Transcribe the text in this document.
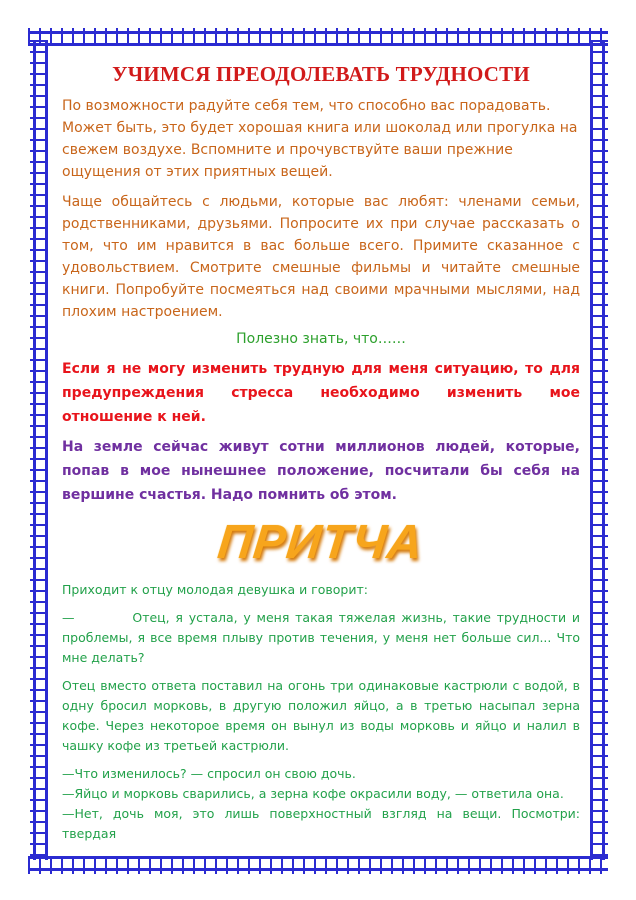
УЧИМСЯ ПРЕОДОЛЕВАТЬ ТРУДНОСТИ

По возможности радуйте себя тем, что способно вас порадовать. Может быть, это будет хорошая книга или шоколад или прогулка на свежем воздухе. Вспомните и прочувствуйте ваши прежние ощущения от этих приятных вещей.

Чаще общайтесь с людьми, которые вас любят: членами семьи, родственниками, друзьями. Попросите их при случае рассказать о том, что им нравится в вас больше всего. Примите сказанное с удовольствием. Смотрите смешные фильмы и читайте смешные книги. Попробуйте посмеяться над своими мрачными мыслями, над плохим настроением.

Полезно знать, что……

Если я не могу изменить трудную для меня ситуацию, то для предупреждения стресса необходимо изменить мое отношение к ней.

На земле сейчас живут сотни миллионов людей, которые, попав в мое нынешнее положение, посчитали бы себя на вершине счастья. Надо помнить об этом.

ПРИТЧА

Приходит к отцу молодая девушка и говорит:

—          Отец, я устала, у меня такая тяжелая жизнь, такие трудности и проблемы, я все время плыву против течения, у меня нет больше сил... Что мне делать?

Отец вместо ответа поставил на огонь три одинаковые кастрюли с водой, в одну бросил морковь, в другую положил яйцо, а в третью насыпал зерна кофе. Через некоторое время он вынул из воды морковь и яйцо и налил в чашку кофе из третьей кастрюли.

—Что изменилось? — спросил он свою дочь.

—Яйцо и морковь сварились, а зерна кофе окрасили воду, — ответила она.

—Нет, дочь моя, это лишь поверхностный взгляд на вещи. Посмотри: твердая
